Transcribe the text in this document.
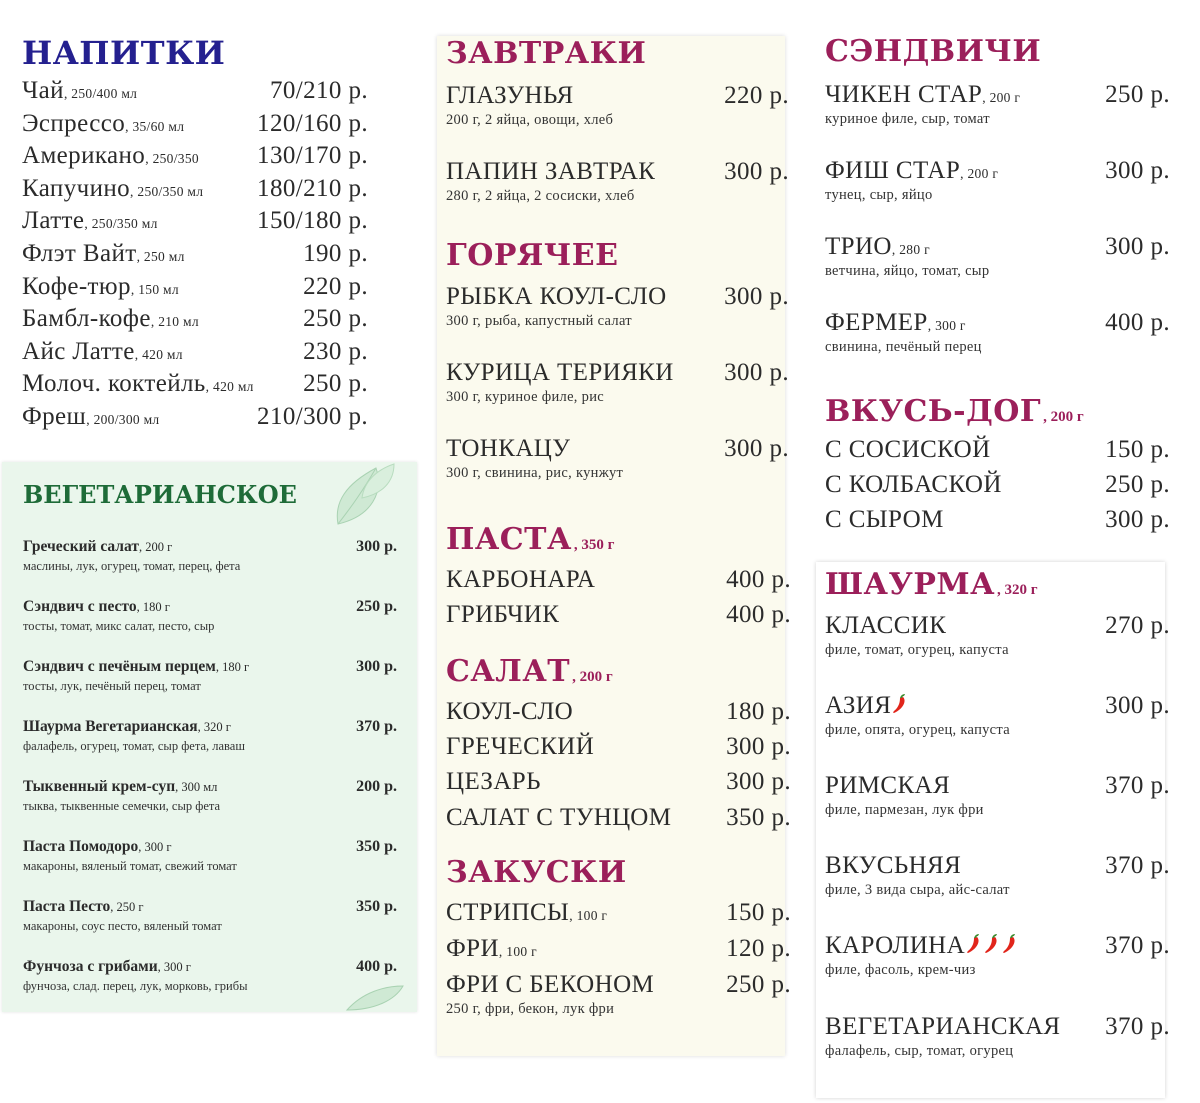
НАПИТКИ
ВЕГЕТАРИАНСКОЕ
ЗАВТРАКИ
ГОРЯЧЕЕ
ПАСТА , 350 г
САЛАТ , 200 г
ЗАКУСКИ
СЭНДВИЧИ
ВКУСЬ-ДОГ , 200 г
ШАУРМА , 320 г
Чай, 250/400 мл	70/210 р.
Эспрессо, 35/60 мл	120/160 р.
Американо, 250/350 130/170 р.
Капучино, 250/350 мл 180/210 р.
Латте, 250/350 мл	150/180 р.
Флэт Вайт, 250 мл	190 р.
Кофе-тюр, 150 мл	220 р.
Бамбл-кофе, 210 мл	250 р.
Айс Латте, 420 мл	230 р.
Молоч. коктейль, 420 мл 250 р.
Фреш, 200/300 мл	210/300 р.
Греческий салат, 200 г	300 р.
маслины, лук, огурец, томат, перец, фета
Сэндвич с песто, 180 г	250 р.
тосты, томат, микс салат, песто, сыр
Сэндвич с печёным перцем, 180 г	300 р.
тосты, лук, печёный перец, томат
Шаурма Вегетарианская, 320 г	370 р.
фалафель, огурец, томат, сыр фета, лаваш
Тыквенный крем-суп, 300 мл	200 р.
тыква, тыквенные семечки, сыр фета
Паста Помодоро, 300 г	350 р.
макароны, вяленый томат, свежий томат
Паста Песто, 250 г	350 р.
макароны, соус песто, вяленый томат
Фунчоза с грибами, 300 г	400 р.
фунчоза, слад. перец, лук, морковь, грибы
ГЛАЗУНЬЯ	220 р.
200 г, 2 яйца, овощи, хлеб
ПАПИН ЗАВТРАК	300 р.
280 г, 2 яйца, 2 сосиски, хлеб
РЫБКА КОУЛ-СЛО 300 р.
300 г, рыба, капустный салат
КУРИЦА ТЕРИЯКИ 300 р.
300 г, куриное филе, рис
ТОНКАЦУ	300 р.
300 г, свинина, рис, кунжут
КАРБОНАРА	400 р.
ГРИБЧИК	400 р.
КОУЛ-СЛО	180 р.
ГРЕЧЕСКИЙ	300 р.
ЦЕЗАРЬ	300 р.
САЛАТ С ТУНЦОМ 350 р.
СТРИПСЫ, 100 г	150 р.
ФРИ, 100 г	120 р.
ФРИ С БЕКОНОМ	250 р.
250 г, фри, бекон, лук фри
ЧИКЕН СТАР, 200 г	250 р.
куриное филе, сыр, томат
ФИШ СТАР, 200 г	300 р.
тунец, сыр, яйцо
ТРИО, 280 г	300 р.
ветчина, яйцо, томат, сыр
ФЕРМЕР, 300 г	400 р.
свинина, печёный перец
С СОСИСКОЙ	150 р.
С КОЛБАСКОЙ	250 р.
С СЫРОМ	300 р.
КЛАССИК	270 р.
филе, томат, огурец, капуста
АЗИЯ	300 р.
филе, опята, огурец, капуста
РИМСКАЯ	370 р.
филе, пармезан, лук фри
ВКУСЬНЯЯ	370 р.
филе, 3 вида сыра, айс-салат
КАРОЛИНА	370 р.
филе, фасоль, крем-чиз
ВЕГЕТАРИАНСКАЯ 370 р.
фалафель, сыр, томат, огурец
